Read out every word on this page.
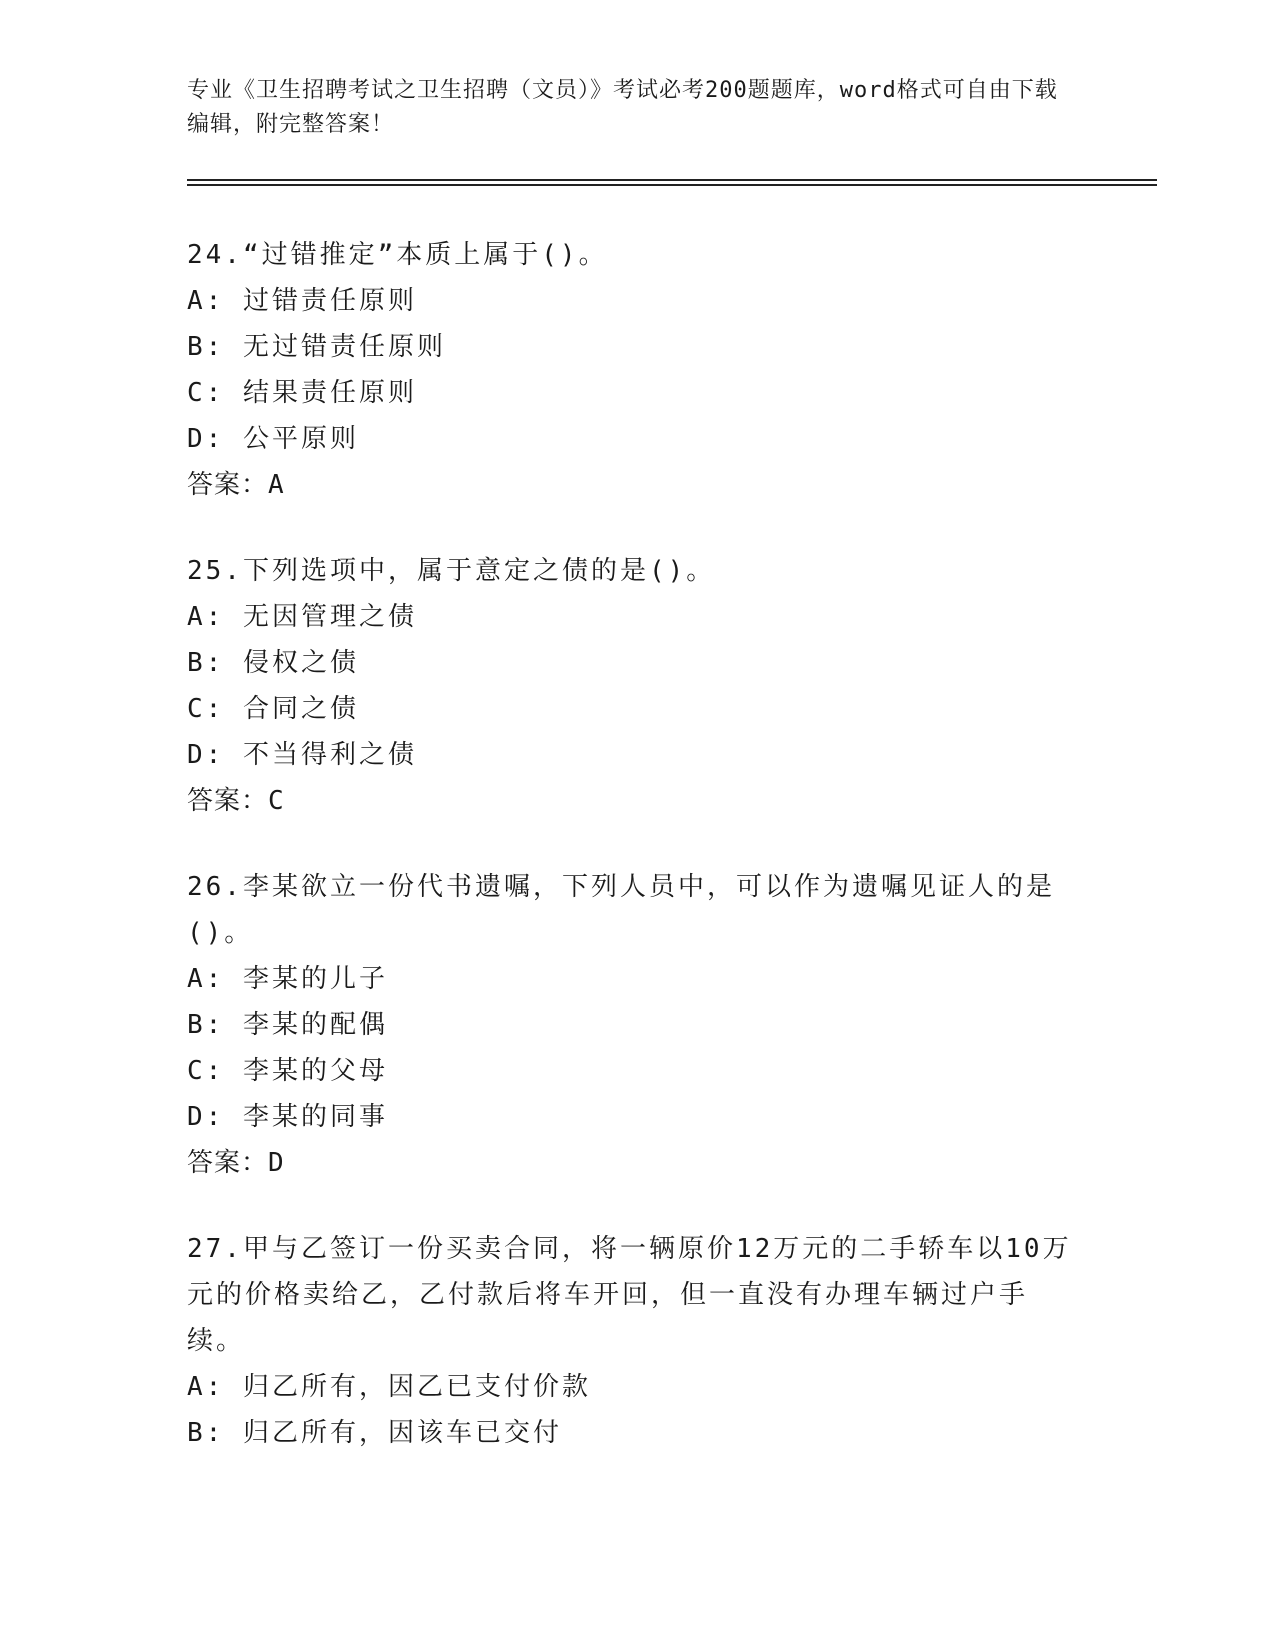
专业《卫生招聘考试之卫生招聘（文员）》考试必考200题题库，word格式可自由下载编辑，附完整答案！

24.“过错推定”本质上属于()。

A: 过错责任原则

B: 无过错责任原则

C: 结果责任原则

D: 公平原则

答案：A

25.下列选项中，属于意定之债的是()。

A: 无因管理之债

B: 侵权之债

C: 合同之债

D: 不当得利之债

答案：C

26.李某欲立一份代书遗嘱，下列人员中，可以作为遗嘱见证人的是()。

A: 李某的儿子

B: 李某的配偶

C: 李某的父母

D: 李某的同事

答案：D

27.甲与乙签订一份买卖合同，将一辆原价12万元的二手轿车以10万元的价格卖给乙，乙付款后将车开回，但一直没有办理车辆过户手续。

A: 归乙所有，因乙已支付价款

B: 归乙所有，因该车已交付
